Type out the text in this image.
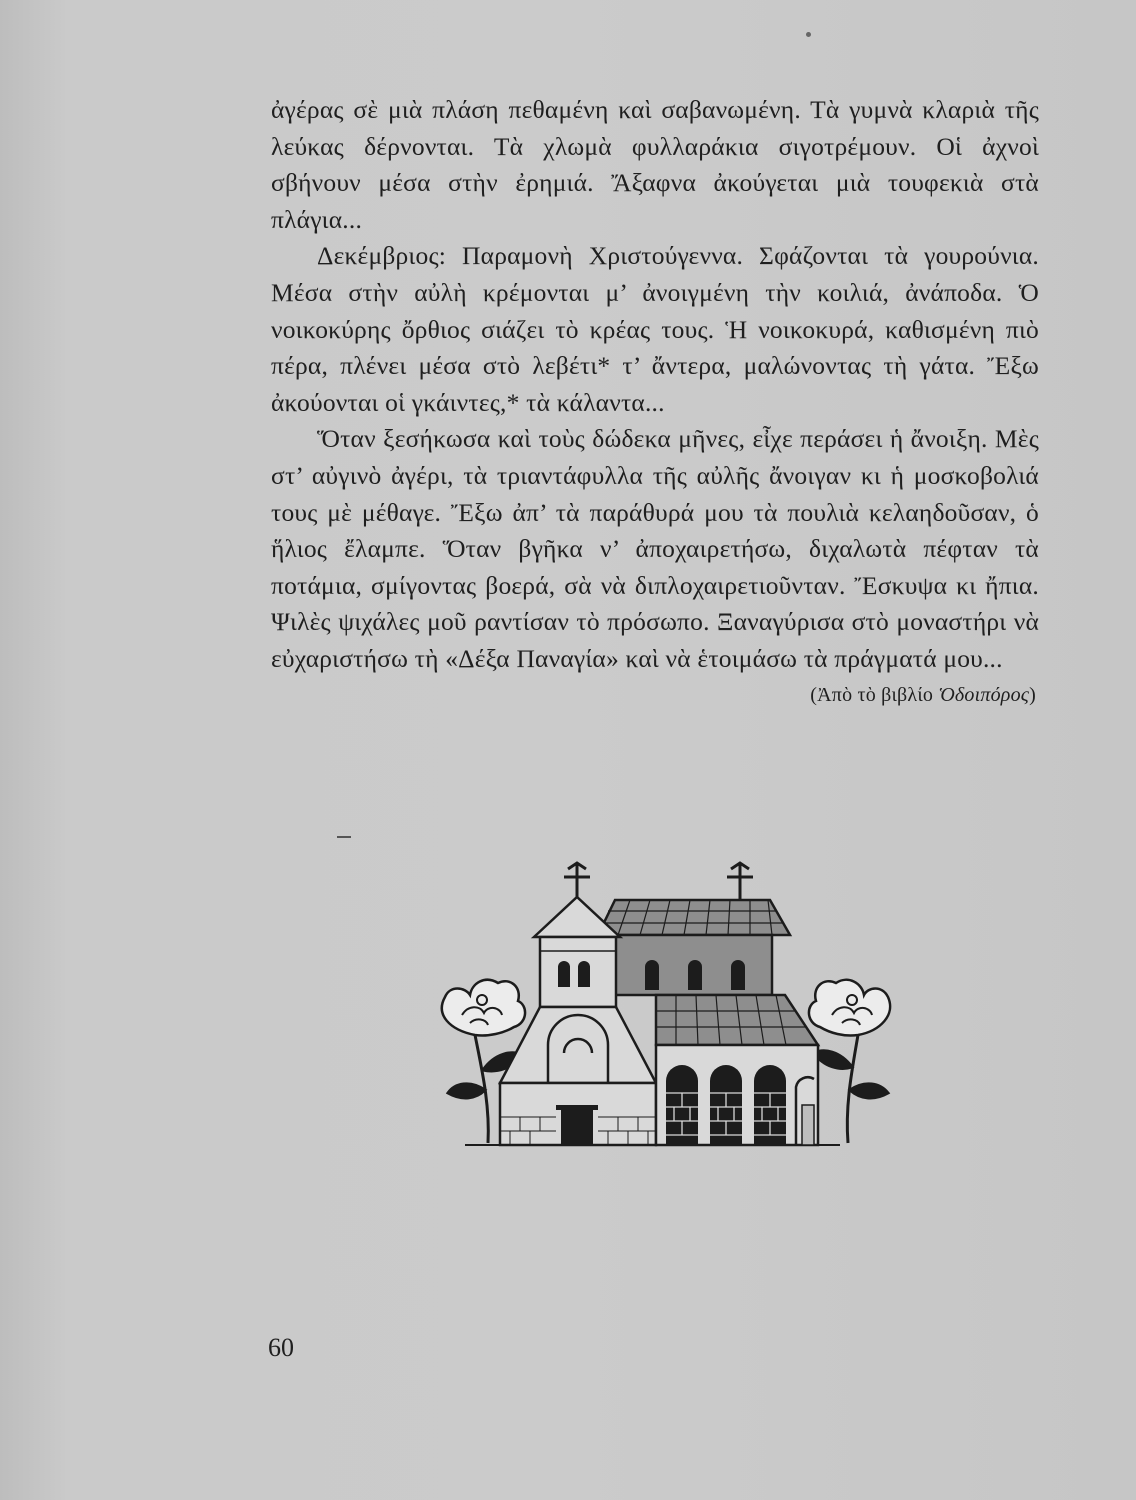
ἀγέρας σὲ μιὰ πλάση πεθαμένη καὶ σαβανωμένη. Τὰ γυμνὰ κλαριὰ τῆς λεύκας δέρνονται. Τὰ χλωμὰ φυλλαράκια σιγοτρέμουν. Οἱ ἀχνοὶ σβήνουν μέσα στὴν ἐρημιά. Ἄξαφνα ἀκούγεται μιὰ τουφεκιὰ στὰ πλάγια...

Δεκέμβριος: Παραμονὴ Χριστούγεννα. Σφάζονται τὰ γουρούνια. Μέσα στὴν αὐλὴ κρέμονται μ’ ἀνοιγμένη τὴν κοιλιά, ἀνάποδα. Ὁ νοικοκύρης ὄρθιος σιάζει τὸ κρέας τους. Ἡ νοικοκυρά, καθισμένη πιὸ πέρα, πλένει μέσα στὸ λεβέτι* τ’ ἄντερα, μαλώνοντας τὴ γάτα. Ἔξω ἀκούονται οἱ γκάιντες,* τὰ κάλαντα...

Ὅταν ξεσήκωσα καὶ τοὺς δώδεκα μῆνες, εἶχε περάσει ἡ ἄνοιξη. Μὲς στ’ αὐγινὸ ἀγέρι, τὰ τριαντάφυλλα τῆς αὐλῆς ἄνοιγαν κι ἡ μοσκοβολιά τους μὲ μέθαγε. Ἔξω ἀπ’ τὰ παράθυρά μου τὰ πουλιὰ κελαηδοῦσαν, ὁ ἥλιος ἔλαμπε. Ὅταν βγῆκα ν’ ἀποχαιρετήσω, διχαλωτὰ πέφταν τὰ ποτάμια, σμίγοντας βοερά, σὰ νὰ διπλοχαιρετιοῦνταν. Ἔσκυψα κι ἤπια. Ψιλὲς ψιχάλες μοῦ ραντίσαν τὸ πρόσωπο. Ξαναγύρισα στὸ μοναστήρι νὰ εὐχαριστήσω τὴ «Δέξα Παναγία» καὶ νὰ ἑτοιμάσω τὰ πράγματά μου...

(Ἀπὸ τὸ βιβλίο Ὁδοιπόρος)
60
